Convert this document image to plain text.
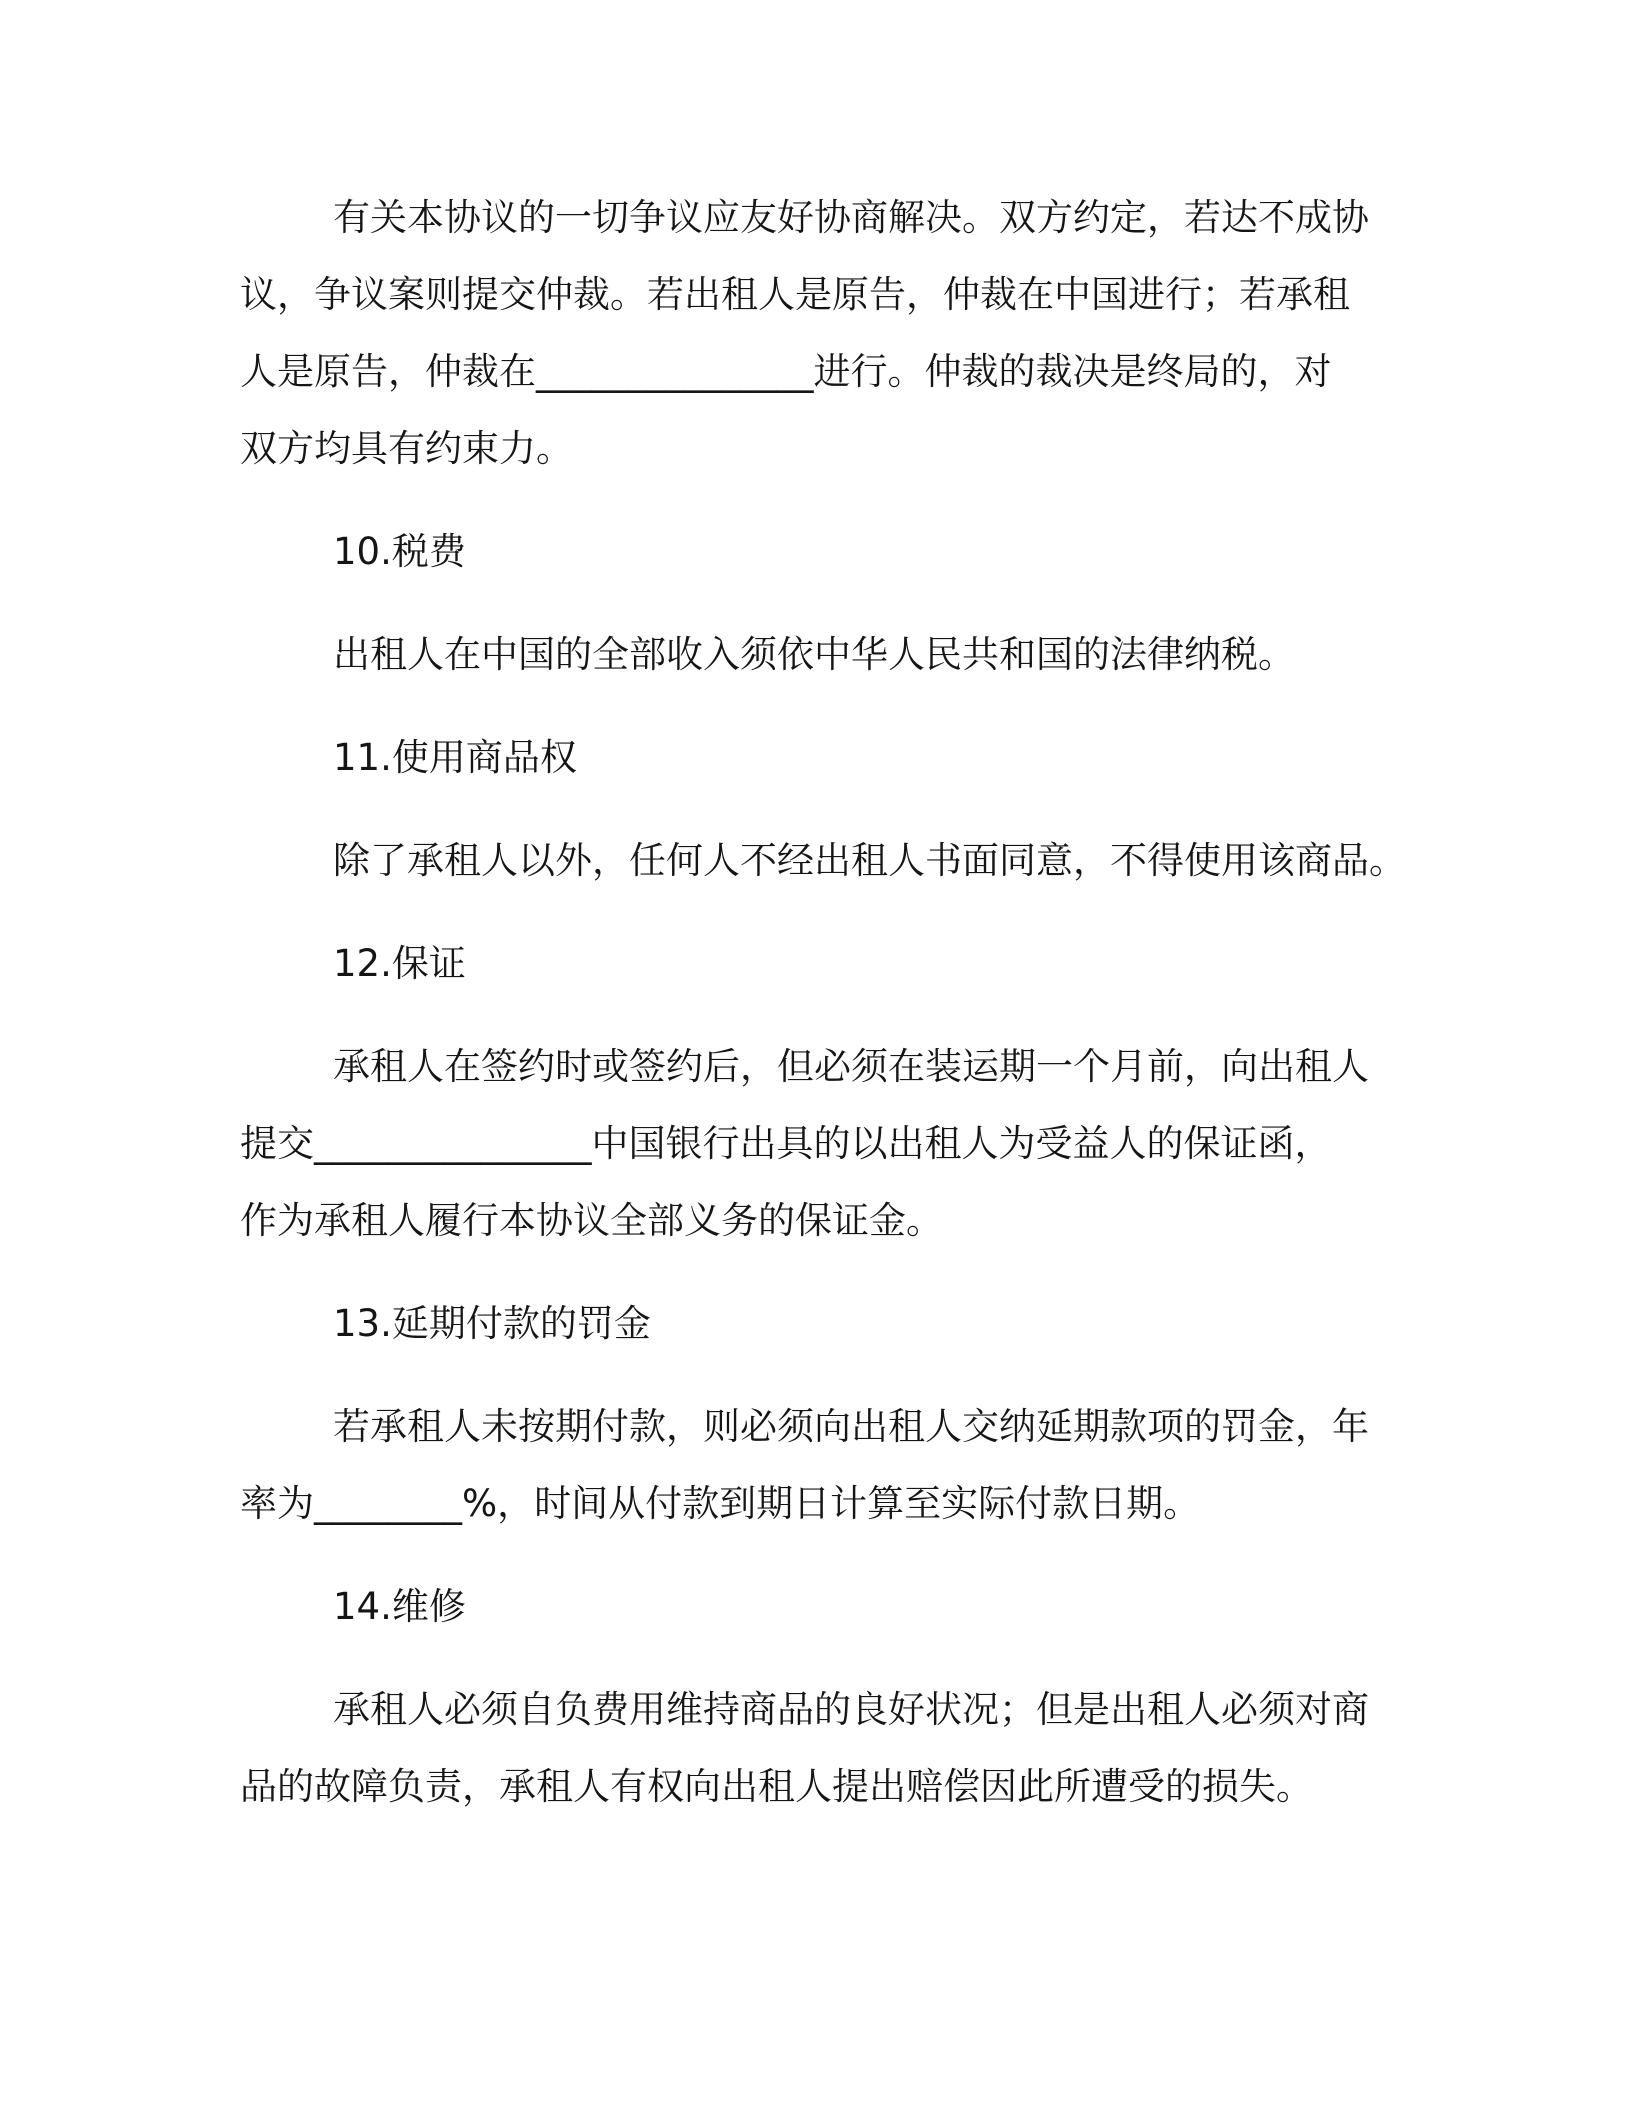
有关本协议的一切争议应友好协商解决。双方约定，若达不成协
议，争议案则提交仲裁。若出租人是原告，仲裁在中国进行；若承租
人是原告，仲裁在_______________进行。仲裁的裁决是终局的，对
双方均具有约束力。
10.税费
出租人在中国的全部收入须依中华人民共和国的法律纳税。
11.使用商品权
除了承租人以外，任何人不经出租人书面同意，不得使用该商品。
12.保证
承租人在签约时或签约后，但必须在装运期一个月前，向出租人
提交_______________中国银行出具的以出租人为受益人的保证函，
作为承租人履行本协议全部义务的保证金。
13.延期付款的罚金
若承租人未按期付款，则必须向出租人交纳延期款项的罚金，年
率为________%，时间从付款到期日计算至实际付款日期。
14.维修
承租人必须自负费用维持商品的良好状况；但是出租人必须对商
品的故障负责，承租人有权向出租人提出赔偿因此所遭受的损失。
